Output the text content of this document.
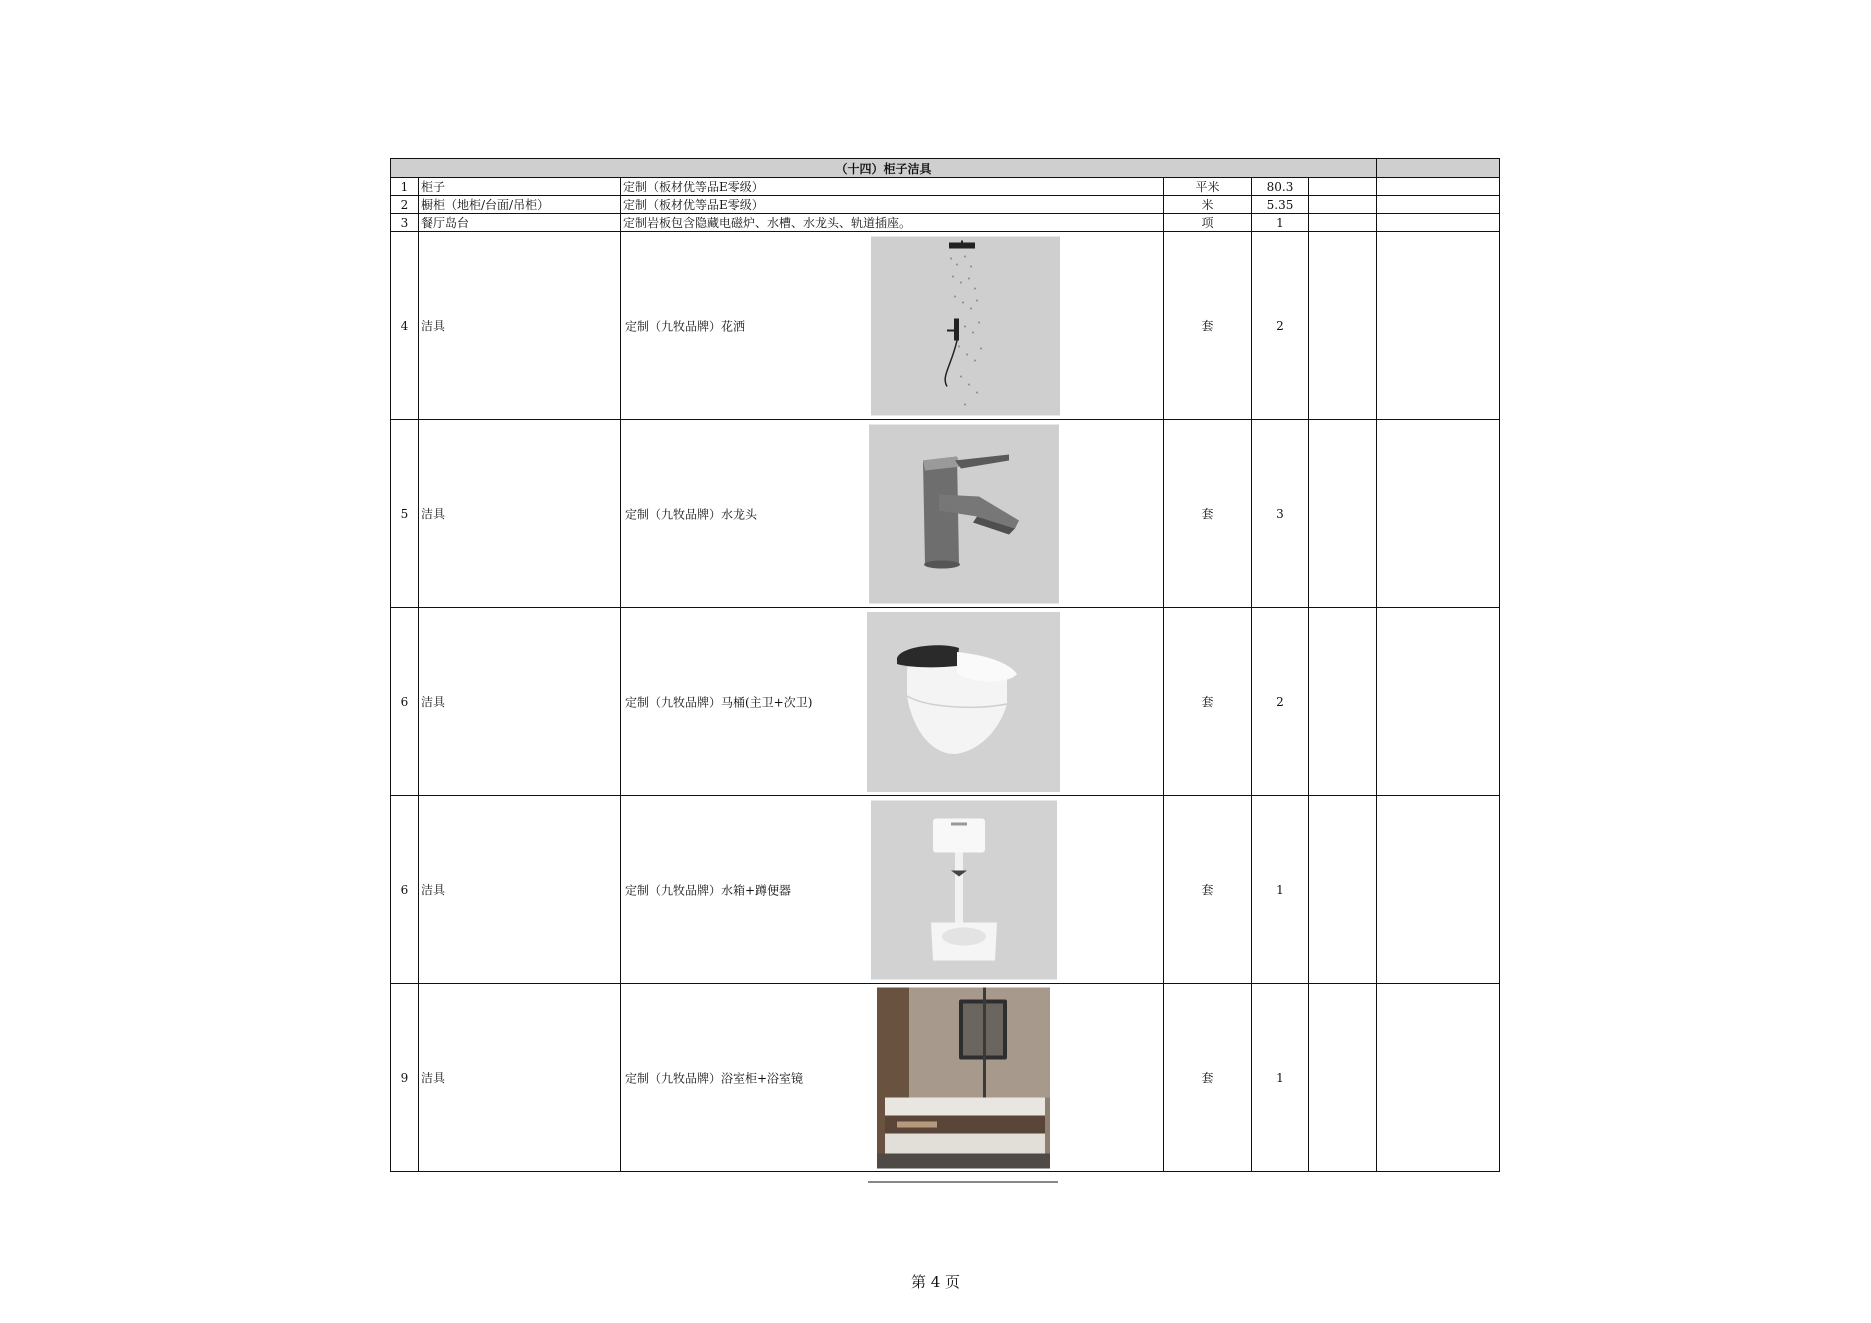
（十四）柜子洁具						
1	柜子	定制（板材优等品E零级）	平米	80.3		
2	橱柜（地柜/台面/吊柜）	定制（板材优等品E零级）	米	5.35		
3	餐厅岛台	定制岩板包含隐藏电磁炉、水槽、水龙头、轨道插座。	项	1		
4	洁具	定制（九牧品牌）花洒	套	2		
5	洁具	定制（九牧品牌）水龙头	套	3		
6	洁具	定制（九牧品牌）马桶(主卫+次卫)	套	2		
6	洁具	定制（九牧品牌）水箱+蹲便器	套	1		
9	洁具	定制（九牧品牌）浴室柜+浴室镜	套	1		
第 4 页
